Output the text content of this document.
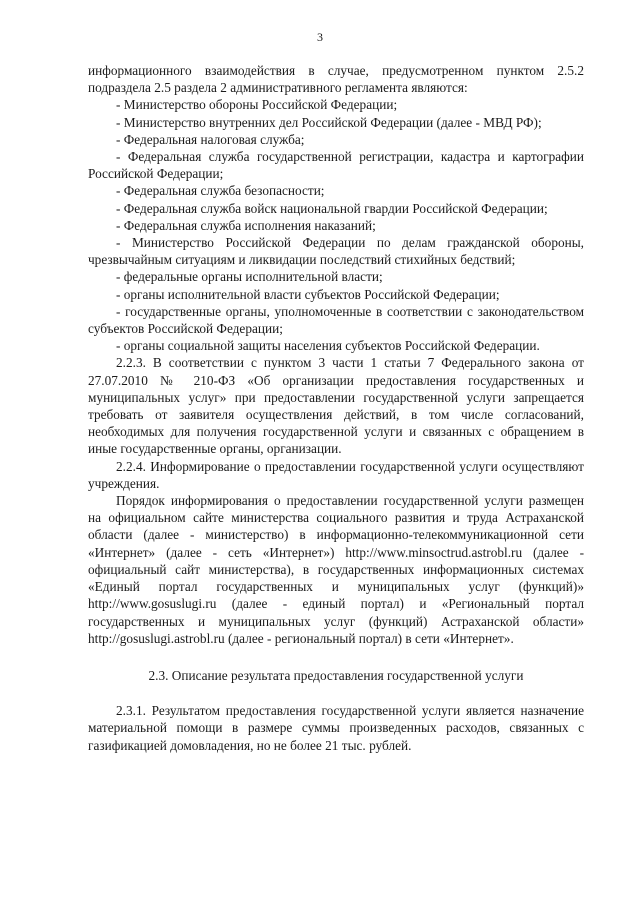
3

информационного взаимодействия в случае, предусмотренном пунктом 2.5.2 подраздела 2.5 раздела 2 административного регламента являются:

- Министерство обороны Российской Федерации;

- Министерство внутренних дел Российской Федерации (далее - МВД РФ);

- Федеральная налоговая служба;

- Федеральная служба государственной регистрации, кадастра и картографии Российской Федерации;

- Федеральная служба безопасности;

- Федеральная служба войск национальной гвардии Российской Федерации;

- Федеральная служба исполнения наказаний;

- Министерство Российской Федерации по делам гражданской обороны, чрезвычайным ситуациям и ликвидации последствий стихийных бедствий;

- федеральные органы исполнительной власти;

- органы исполнительной власти субъектов Российской Федерации;

- государственные органы, уполномоченные в соответствии с законодательством субъектов Российской Федерации;

- органы социальной защиты населения субъектов Российской Федерации.

2.2.3. В соответствии с пунктом 3 части 1 статьи 7 Федерального закона от 27.07.2010 № 210-ФЗ «Об организации предоставления государственных и муниципальных услуг» при предоставлении государственной услуги запрещается требовать от заявителя осуществления действий, в том числе согласований, необходимых для получения государственной услуги и связанных с обращением в иные государственные органы, организации.

2.2.4. Информирование о предоставлении государственной услуги осуществляют учреждения.

Порядок информирования о предоставлении государственной услуги размещен на официальном сайте министерства социального развития и труда Астраханской области (далее - министерство) в информационно-телекоммуникационной сети «Интернет» (далее - сеть «Интернет») http://www.minsoctrud.astrobl.ru (далее - официальный сайт министерства), в государственных информационных системах «Единый портал государственных и муниципальных услуг (функций)» http://www.gosuslugi.ru (далее - единый портал) и «Региональный портал государственных и муниципальных услуг (функций) Астраханской области» http://gosuslugi.astrobl.ru (далее - региональный портал) в сети «Интернет».

2.3. Описание результата предоставления государственной услуги

2.3.1. Результатом предоставления государственной услуги является назначение материальной помощи в размере суммы произведенных расходов, связанных с газификацией домовладения, но не более 21 тыс. рублей.
